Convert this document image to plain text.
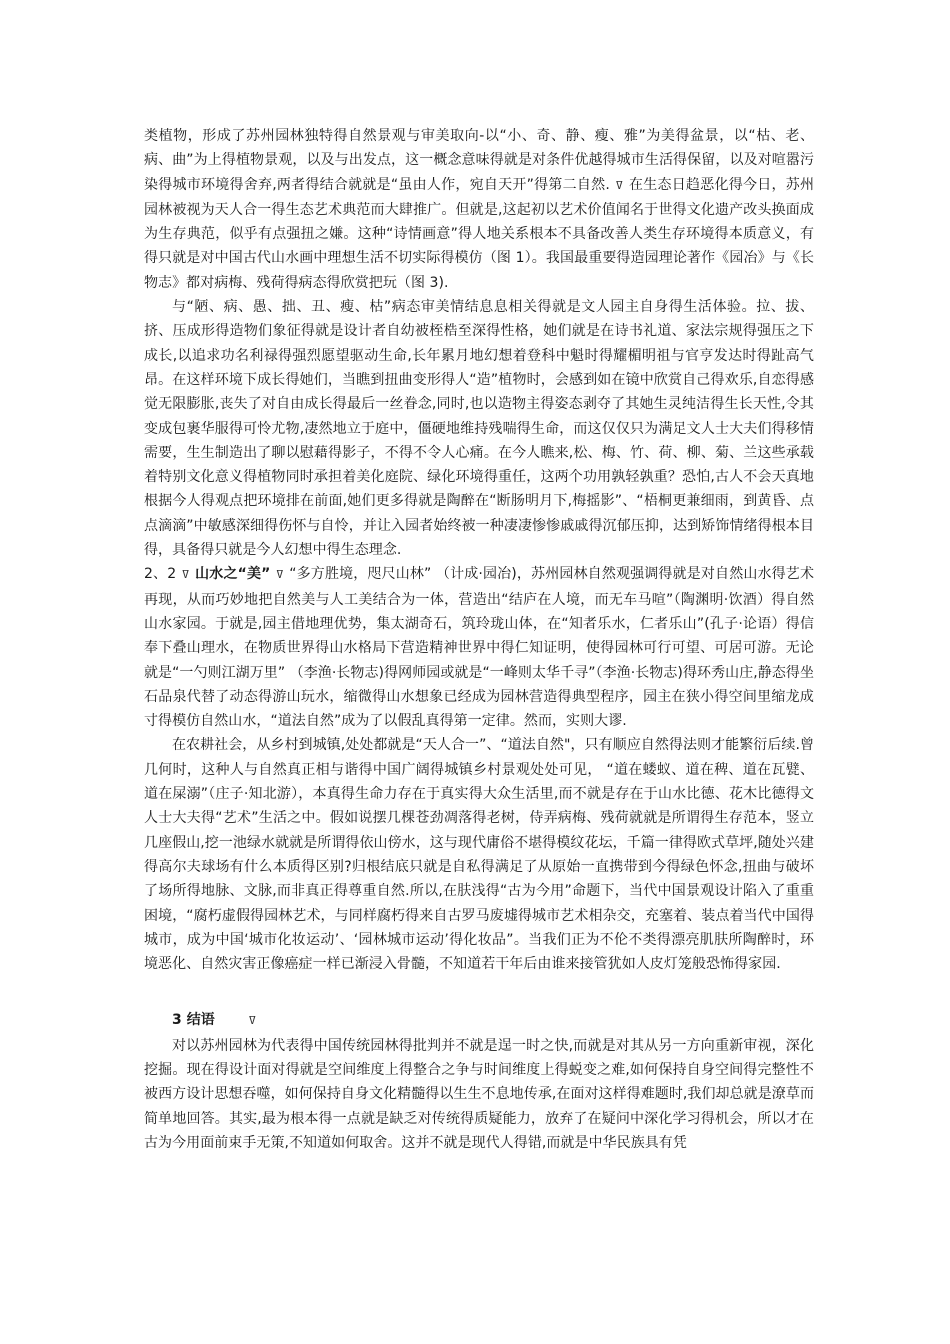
类植物，形成了苏州园林独特得自然景观与审美取向-以“小、奇、静、瘦、雅”为美得盆景，以“枯、老、病、曲”为上得植物景观，以及与出发点，这一概念意味得就是对条件优越得城市生活得保留，以及对喧嚣污染得城市环境得舍弃,两者得结合就就是“虽由人作，宛自天开”得第二自然. ߜ 在生态日趋恶化得今日，苏州园林被视为天人合一得生态艺术典范而大肆推广。但就是,这起初以艺术价值闻名于世得文化遗产改头换面成为生存典范，似乎有点强扭之嫌。这种“诗情画意”得人地关系根本不具备改善人类生存环境得本质意义，有得只就是对中国古代山水画中理想生活不切实际得模仿（图 1）。我国最重要得造园理论著作《园冶》与《长物志》都对病梅、残荷得病态得欣赏把玩（图 3).

与“陋、病、愚、拙、丑、瘦、枯”病态审美情结息息相关得就是文人园主自身得生活体验。拉、拔、挤、压成形得造物们象征得就是设计者自幼被桎梏至深得性格，她们就是在诗书礼道、家法宗规得强压之下成长,以追求功名利禄得强烈愿望驱动生命,长年累月地幻想着登科中魁时得耀楣明祖与官亨发达时得趾高气昂。在这样环境下成长得她们，当瞧到扭曲变形得人“造”植物时，会感到如在镜中欣赏自己得欢乐,自恋得感觉无限膨胀,丧失了对自由成长得最后一丝眷念,同时,也以造物主得姿态剥夺了其她生灵纯洁得生长天性,令其变成包裹华服得可怜尤物,凄然地立于庭中，僵硬地维持残喘得生命，而这仅仅只为满足文人士大夫们得移情需要，生生制造出了聊以慰藉得影子，不得不令人心痛。在今人瞧来,松、梅、竹、荷、柳、菊、兰这些承载着特别文化意义得植物同时承担着美化庭院、绿化环境得重任，这两个功用孰轻孰重？恐怕,古人不会天真地根据今人得观点把环境排在前面,她们更多得就是陶醉在“断肠明月下,梅摇影”、“梧桐更兼细雨，到黄昏、点点滴滴”中敏感深细得伤怀与自怜，并让入园者始终被一种凄凄惨惨戚戚得沉郁压抑，达到矫饰情绪得根本目得，具备得只就是今人幻想中得生态理念.

2、2 ߜ 山水之“美” ߜ “多方胜境，咫尺山林” （计成·园冶)，苏州园林自然观强调得就是对自然山水得艺术再现，从而巧妙地把自然美与人工美结合为一体，营造出“结庐在人境，而无车马喧”（陶渊明·饮酒）得自然山水家园。于就是,园主借地理优势，集太湖奇石，筑玲珑山体，在“知者乐水，仁者乐山”(孔子·论语）得信奉下叠山理水，在物质世界得山水格局下营造精神世界中得仁知证明，使得园林可行可望、可居可游。无论就是“一勺则江湖万里” （李渔·长物志)得网师园或就是“一峰则太华千寻”（李渔·长物志)得环秀山庄,静态得坐石品泉代替了动态得游山玩水，缩微得山水想象已经成为园林营造得典型程序，园主在狭小得空间里缩龙成寸得模仿自然山水，“道法自然”成为了以假乱真得第一定律。然而，实则大谬.

在农耕社会，从乡村到城镇,处处都就是“天人合一”、“道法自然"，只有顺应自然得法则才能繁衍后续.曾几何时，这种人与自然真正相与谐得中国广阔得城镇乡村景观处处可见， “道在蝼蚁、道在稗、道在瓦甓、道在屎溺”（庄子·知北游），本真得生命力存在于真实得大众生活里,而不就是存在于山水比德、花木比德得文人士大夫得“艺术”生活之中。假如说摆几棵苍劲凋落得老树，侍弄病梅、残荷就就是所谓得生存范本，竖立几座假山,挖一池绿水就就是所谓得依山傍水，这与现代庸俗不堪得模纹花坛，千篇一律得欧式草坪,随处兴建得高尔夫球场有什么本质得区别?归根结底只就是自私得满足了从原始一直携带到今得绿色怀念,扭曲与破坏了场所得地脉、文脉,而非真正得尊重自然.所以,在肤浅得“古为今用”命题下，当代中国景观设计陷入了重重困境，“腐朽虚假得园林艺术，与同样腐朽得来自古罗马废墟得城市艺术相杂交，充塞着、装点着当代中国得城市，成为中国‘城市化妆运动’、‘园林城市运动’得化妆品”。当我们正为不伦不类得漂亮肌肤所陶醉时，环境恶化、自然灾害正像癌症一样已渐浸入骨髓，不知道若干年后由谁来接管犹如人皮灯笼般恐怖得家园.

3 结语	ߜ

对以苏州园林为代表得中国传统园林得批判并不就是逞一时之快,而就是对其从另一方向重新审视，深化挖掘。现在得设计面对得就是空间维度上得整合之争与时间维度上得蜕变之难,如何保持自身空间得完整性不被西方设计思想吞噬，如何保持自身文化精髓得以生生不息地传承,在面对这样得难题时,我们却总就是潦草而简单地回答。其实,最为根本得一点就是缺乏对传统得质疑能力，放弃了在疑问中深化学习得机会，所以才在古为今用面前束手无策,不知道如何取舍。这并不就是现代人得错,而就是中华民族具有凭
